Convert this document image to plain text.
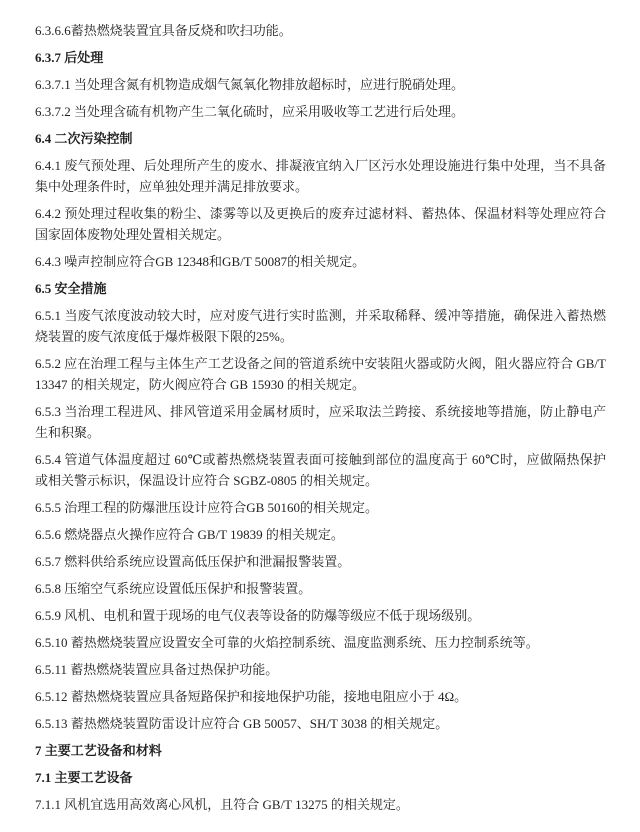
6.3.6.6蓄热燃烧装置宜具备反烧和吹扫功能。

6.3.7 后处理

6.3.7.1 当处理含氮有机物造成烟气氮氧化物排放超标时，应进行脱硝处理。

6.3.7.2 当处理含硫有机物产生二氧化硫时，应采用吸收等工艺进行后处理。

6.4 二次污染控制

6.4.1 废气预处理、后处理所产生的废水、排凝液宜纳入厂区污水处理设施进行集中处理，当不具备集中处理条件时，应单独处理并满足排放要求。

6.4.2 预处理过程收集的粉尘、漆雾等以及更换后的废弃过滤材料、蓄热体、保温材料等处理应符合国家固体废物处理处置相关规定。

6.4.3 噪声控制应符合GB 12348和GB/T 50087的相关规定。

6.5 安全措施

6.5.1 当废气浓度波动较大时，应对废气进行实时监测，并采取稀释、缓冲等措施，确保进入蓄热燃烧装置的废气浓度低于爆炸极限下限的25%。

6.5.2 应在治理工程与主体生产工艺设备之间的管道系统中安装阻火器或防火阀，阻火器应符合 GB/T 13347 的相关规定，防火阀应符合 GB 15930 的相关规定。

6.5.3 当治理工程进风、排风管道采用金属材质时，应采取法兰跨接、系统接地等措施，防止静电产生和积聚。

6.5.4 管道气体温度超过 60℃或蓄热燃烧装置表面可接触到部位的温度高于 60℃时，应做隔热保护或相关警示标识，保温设计应符合 SGBZ-0805 的相关规定。

6.5.5 治理工程的防爆泄压设计应符合GB 50160的相关规定。

6.5.6 燃烧器点火操作应符合 GB/T 19839 的相关规定。

6.5.7 燃料供给系统应设置高低压保护和泄漏报警装置。

6.5.8 压缩空气系统应设置低压保护和报警装置。

6.5.9 风机、电机和置于现场的电气仪表等设备的防爆等级应不低于现场级别。

6.5.10 蓄热燃烧装置应设置安全可靠的火焰控制系统、温度监测系统、压力控制系统等。

6.5.11 蓄热燃烧装置应具备过热保护功能。

6.5.12 蓄热燃烧装置应具备短路保护和接地保护功能，接地电阻应小于 4Ω。

6.5.13 蓄热燃烧装置防雷设计应符合 GB 50057、SH/T 3038 的相关规定。

7 主要工艺设备和材料

7.1 主要工艺设备

7.1.1 风机宜选用高效离心风机，且符合 GB/T 13275 的相关规定。
